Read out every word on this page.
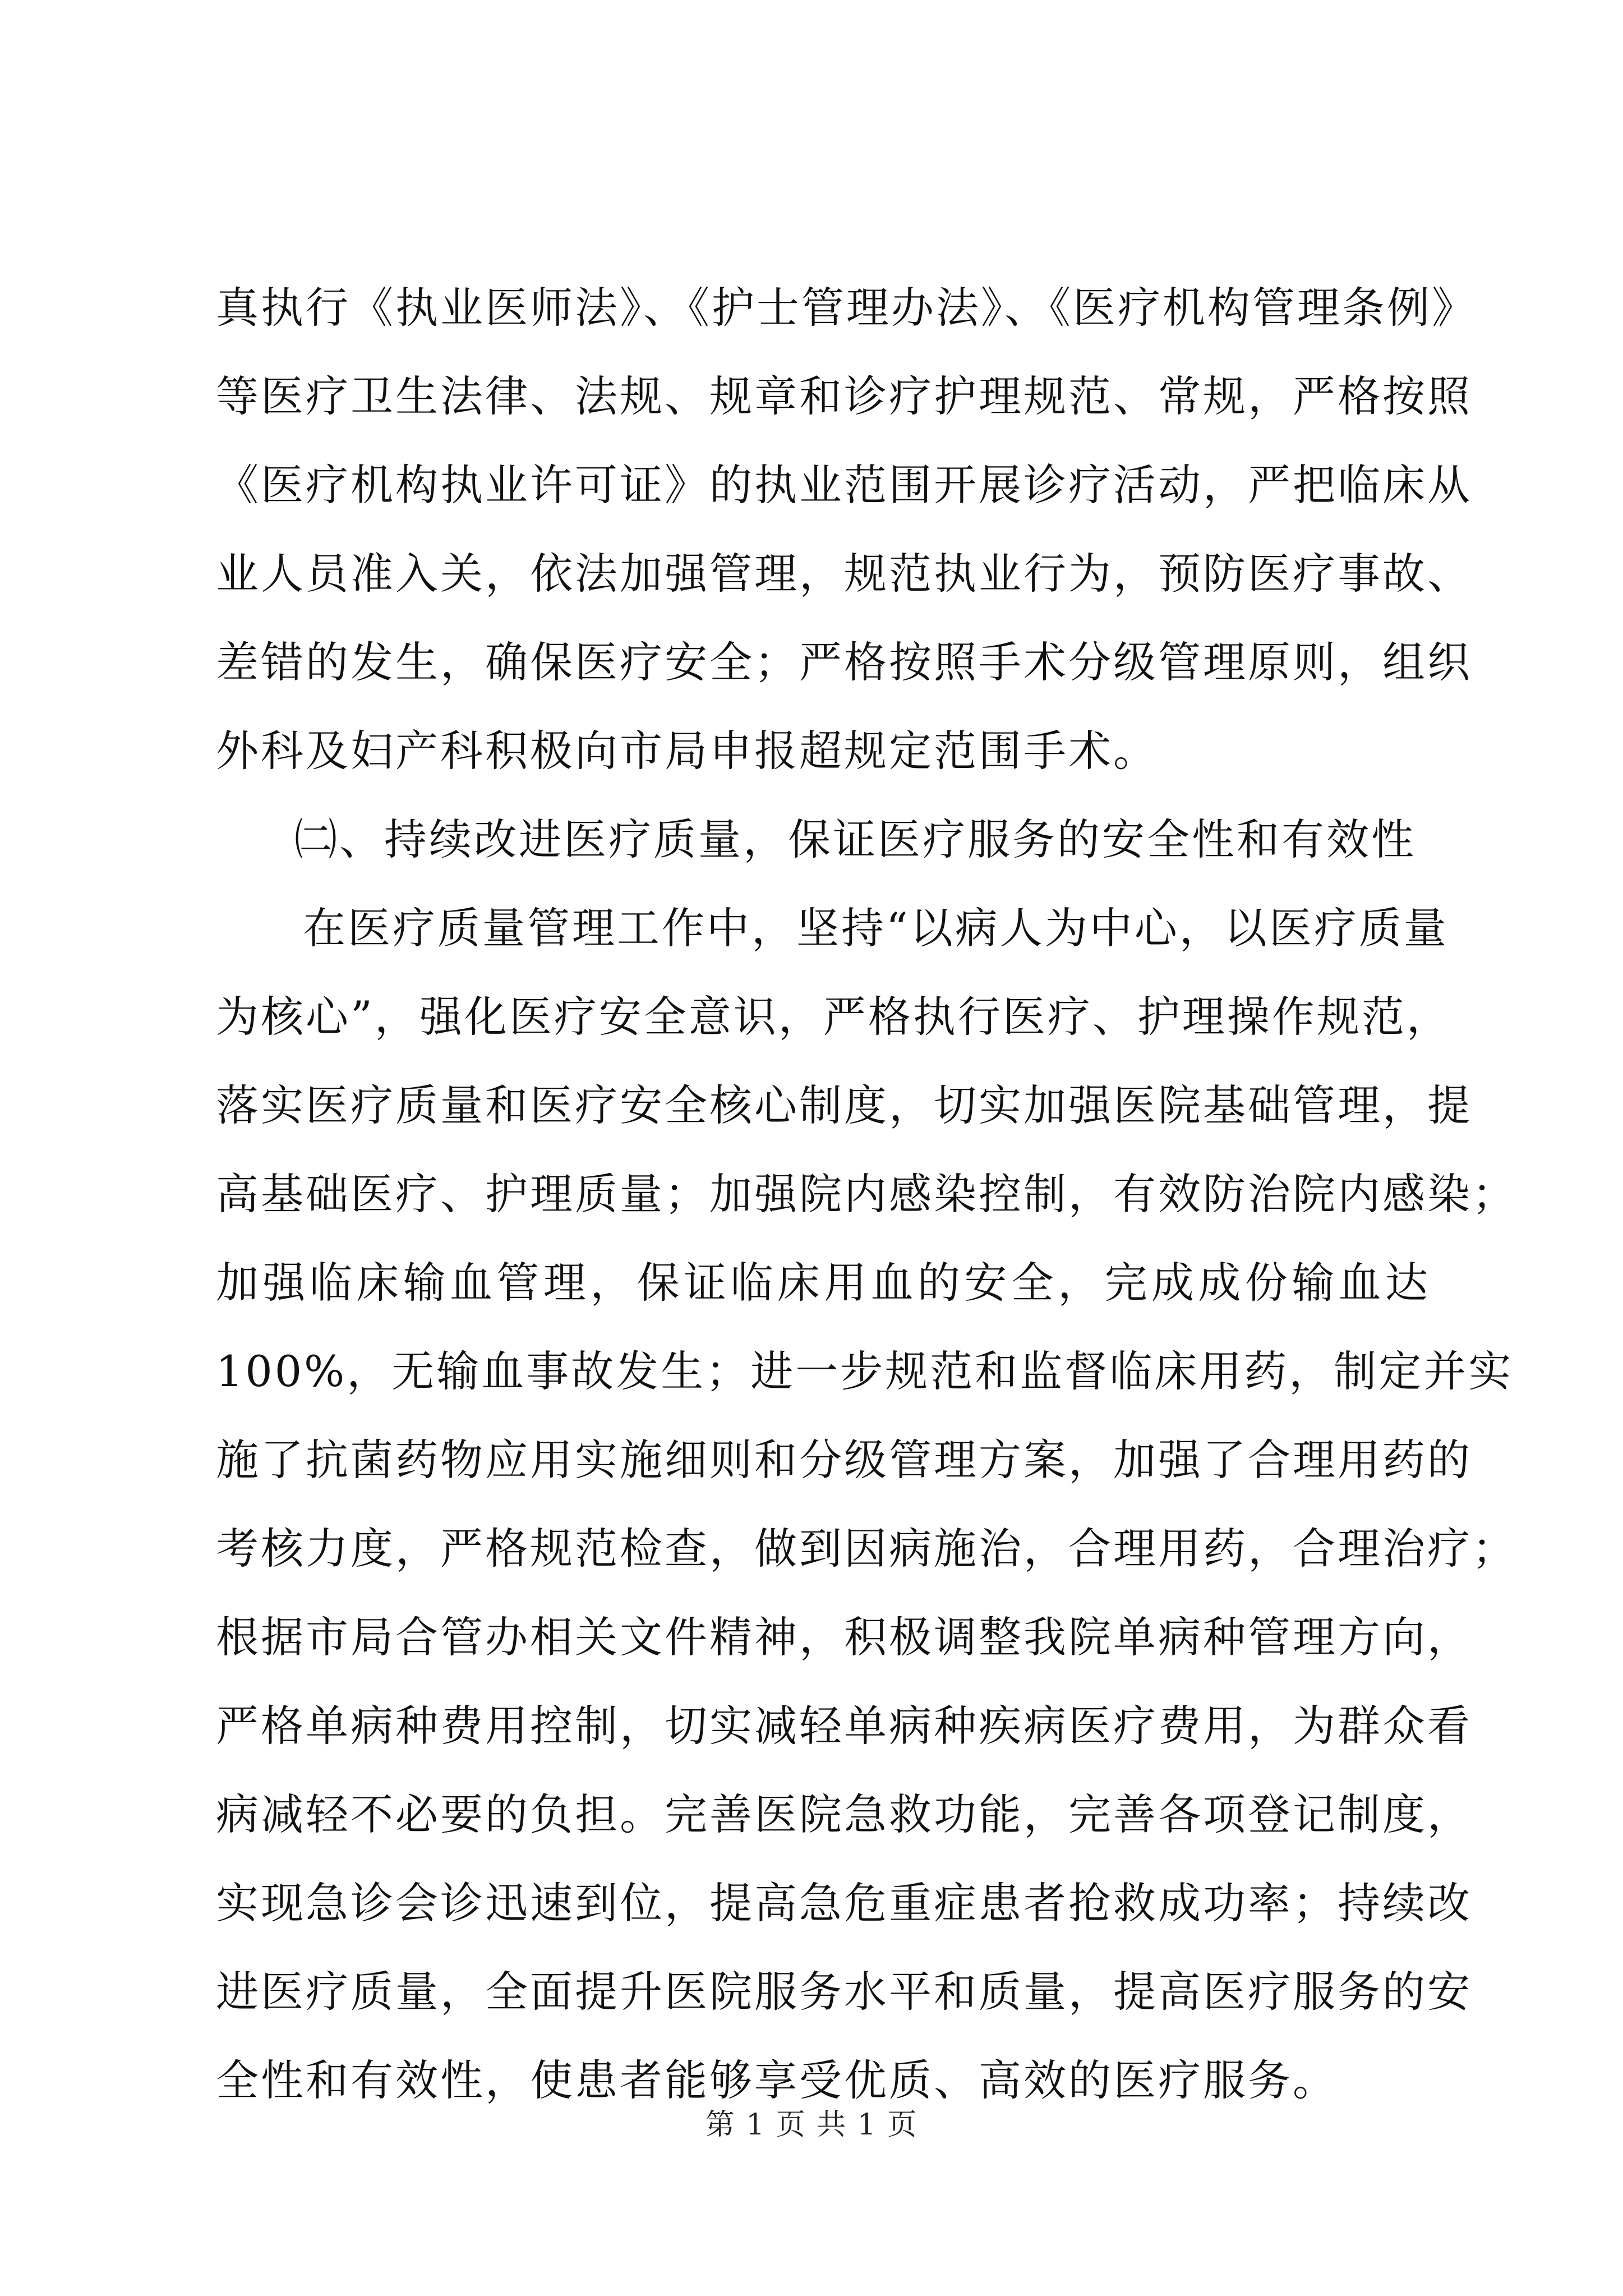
真执行《执业医师法》、《护士管理办法》、《医疗机构管理条例》
等医疗卫生法律、法规、规章和诊疗护理规范、常规，严格按照
《医疗机构执业许可证》的执业范围开展诊疗活动，严把临床从
业人员准入关，依法加强管理，规范执业行为，预防医疗事故、
差错的发生，确保医疗安全；严格按照手术分级管理原则，组织
外科及妇产科积极向市局申报超规定范围手术。
㈡、持续改进医疗质量，保证医疗服务的安全性和有效性
在医疗质量管理工作中，坚持“以病人为中心，以医疗质量
为核心”，强化医疗安全意识，严格执行医疗、护理操作规范，
落实医疗质量和医疗安全核心制度，切实加强医院基础管理，提
高基础医疗、护理质量；加强院内感染控制，有效防治院内感染；
加强临床输血管理，保证临床用血的安全，完成成份输血达
100%，无输血事故发生；进一步规范和监督临床用药，制定并实
施了抗菌药物应用实施细则和分级管理方案，加强了合理用药的
考核力度，严格规范检查，做到因病施治，合理用药，合理治疗；
根据市局合管办相关文件精神，积极调整我院单病种管理方向，
严格单病种费用控制，切实减轻单病种疾病医疗费用，为群众看
病减轻不必要的负担。完善医院急救功能，完善各项登记制度，
实现急诊会诊迅速到位，提高急危重症患者抢救成功率；持续改
进医疗质量，全面提升医院服务水平和质量，提高医疗服务的安
全性和有效性，使患者能够享受优质、高效的医疗服务。
第 1 页 共 1 页
